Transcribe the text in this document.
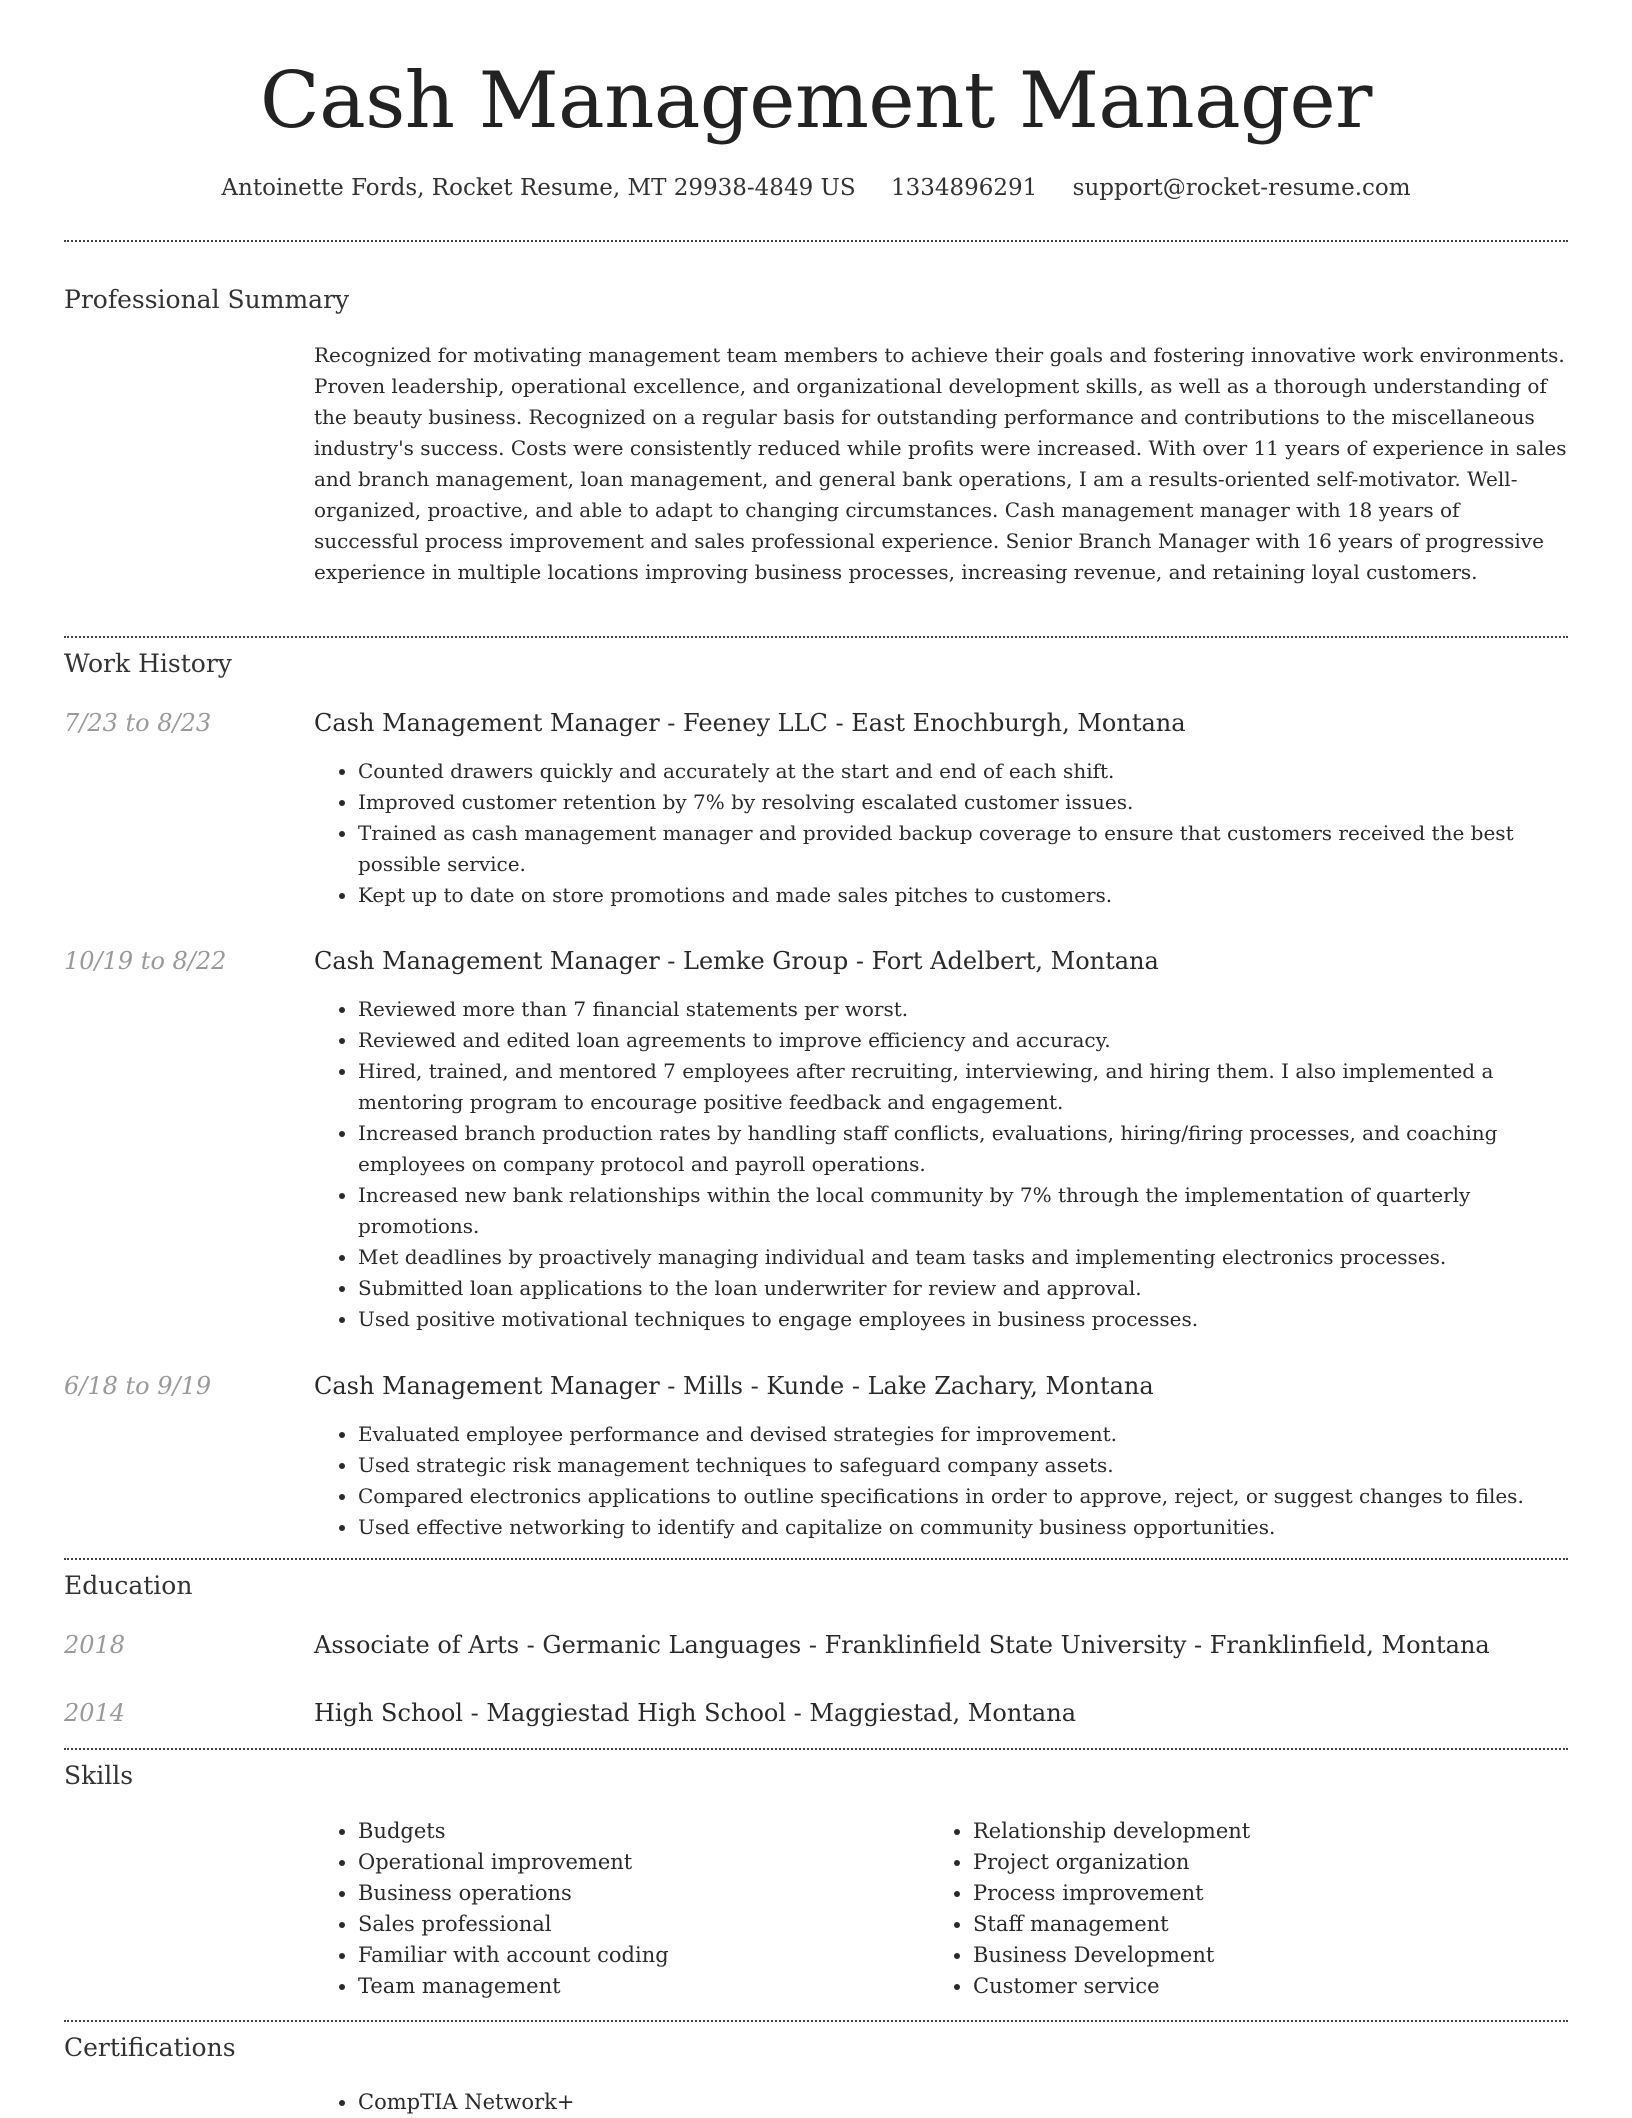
Cash Management Manager
Antoinette Fords, Rocket Resume, MT 29938-4849 US 1334896291 support@rocket-resume.com
Professional Summary

Recognized for motivating management team members to achieve their goals and fostering innovative work environments. Proven leadership, operational excellence, and organizational development skills, as well as a thorough understanding of the beauty business. Recognized on a regular basis for outstanding performance and contributions to the miscellaneous industry's success. Costs were consistently reduced while profits were increased. With over 11 years of experience in sales and branch management, loan management, and general bank operations, I am a results-oriented self-motivator. Well-organized, proactive, and able to adapt to changing circumstances. Cash management manager with 18 years of successful process improvement and sales professional experience. Senior Branch Manager with 16 years of progressive experience in multiple locations improving business processes, increasing revenue, and retaining loyal customers.

Work History
7/23 to 8/23	Cash Management Manager - Feeney LLC - East Enochburgh, Montana
• Counted drawers quickly and accurately at the start and end of each shift.
• Improved customer retention by 7% by resolving escalated customer issues.
• Trained as cash management manager and provided backup coverage to ensure that customers received the best possible service.
• Kept up to date on store promotions and made sales pitches to customers.
10/19 to 8/22	Cash Management Manager - Lemke Group - Fort Adelbert, Montana
• Reviewed more than 7 financial statements per worst.
• Reviewed and edited loan agreements to improve efficiency and accuracy.
• Hired, trained, and mentored 7 employees after recruiting, interviewing, and hiring them. I also implemented a mentoring program to encourage positive feedback and engagement.
• Increased branch production rates by handling staff conflicts, evaluations, hiring/firing processes, and coaching employees on company protocol and payroll operations.
• Increased new bank relationships within the local community by 7% through the implementation of quarterly promotions.
• Met deadlines by proactively managing individual and team tasks and implementing electronics processes.
• Submitted loan applications to the loan underwriter for review and approval.
• Used positive motivational techniques to engage employees in business processes.
6/18 to 9/19	Cash Management Manager - Mills - Kunde - Lake Zachary, Montana
• Evaluated employee performance and devised strategies for improvement.
• Used strategic risk management techniques to safeguard company assets.
• Compared electronics applications to outline specifications in order to approve, reject, or suggest changes to files.
• Used effective networking to identify and capitalize on community business opportunities.
Education
2018	Associate of Arts - Germanic Languages - Franklinfield State University - Franklinfield, Montana
2014	High School - Maggiestad High School - Maggiestad, Montana
Skills
• Budgets
• Operational improvement
• Business operations
• Sales professional
• Familiar with account coding
• Team management
• Relationship development
• Project organization
• Process improvement
• Staff management
• Business Development
• Customer service
Certifications
• CompTIA Network+
